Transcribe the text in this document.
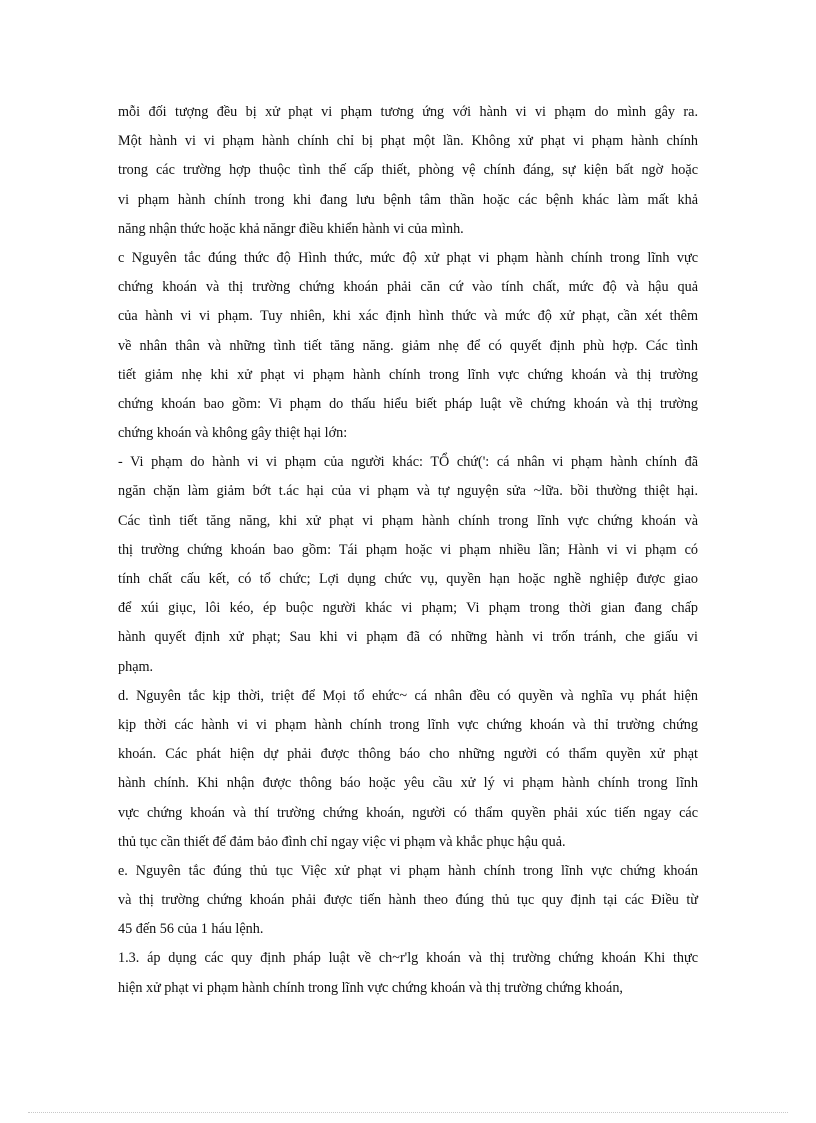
mỗi đối tượng đều bị xử phạt vi phạm tương ứng với hành vi vi phạm do mình gây ra.
Một hành vi vi phạm hành chính chỉ bị phạt một lần. Không xử phạt vi phạm hành chính
trong các trường hợp thuộc tình thế cấp thiết, phòng vệ chính đáng, sự kiện bất ngờ hoặc
vi phạm hành chính trong khi đang lưu bệnh tâm thần hoặc các bệnh khác làm mất khả
năng nhận thức hoặc khả năngr điều khiển hành vi của mình.

c Nguyên tắc đúng thức độ Hình thức, mức độ xử phạt vi phạm hành chính trong lĩnh vực
chứng khoán và thị trường chứng khoán phải căn cứ vào tính chất, mức độ và hậu quả
của hành vi vi phạm. Tuy nhiên, khi xác định hình thức và mức độ xử phạt, cần xét thêm
về nhân thân và những tình tiết tăng năng. giảm nhẹ để có quyết định phù hợp. Các tình
tiết giảm nhẹ khi xử phạt vi phạm hành chính trong lĩnh vực chứng khoán và thị trường
chứng khoán bao gồm: Vi phạm do thấu hiểu biết pháp luật về chứng khoán và thị trường
chứng khoán và không gây thiệt hại lớn:

- Vi phạm do hành vi vi phạm của người khác: TỔ chứ(': cá nhân vi phạm hành chính đã
ngăn chặn làm giảm bớt t.ác hại của vi phạm và tự nguyện sửa ~lữa. bồi thường thiệt hại.
Các tình tiết tăng năng, khi xử phạt vi phạm hành chính trong lĩnh vực chứng khoán và
thị trường chứng khoán bao gồm: Tái phạm hoặc vi phạm nhiều lần; Hành vi vi phạm có
tính chất cấu kết, có tổ chức; Lợi dụng chức vụ, quyền hạn hoặc nghề nghiệp được giao
để xúi giục, lôi kéo, ép buộc người khác vi phạm; Vi phạm trong thời gian đang chấp
hành quyết định xử phạt; Sau khi vi phạm đã có những hành vi trốn tránh, che giấu vi
phạm.

d. Nguyên tắc kịp thời, triệt để Mọi tổ ehức~ cá nhân đều có quyền và nghĩa vụ phát hiện
kịp thời các hành vi vi phạm hành chính trong lĩnh vực chứng khoán và thỉ trường chứng
khoán. Các phát hiện dự phải được thông báo cho những người có thẩm quyền xử phạt
hành chính. Khi nhận được thông báo hoặc yêu cầu xử lý vi phạm hành chính trong lĩnh
vực chứng khoán và thí trường chứng khoán, người có thẩm quyền phải xúc tiến ngay các
thủ tục cần thiết để đảm bảo đình chỉ ngay việc vi phạm và khắc phục hậu quả.

e. Nguyên tắc đúng thủ tục Việc xử phạt vi phạm hành chính trong lĩnh vực chứng khoán
và thị trường chứng khoán phải được tiến hành theo đúng thủ tục quy định tại các Điều từ
45 đến 56 của 1 háu lệnh.

1.3. áp dụng các quy định pháp luật về ch~r'lg khoán và thị trường chứng khoán Khi thực
hiện xử phạt vi phạm hành chính trong lĩnh vực chứng khoán và thị trường chứng khoán,
